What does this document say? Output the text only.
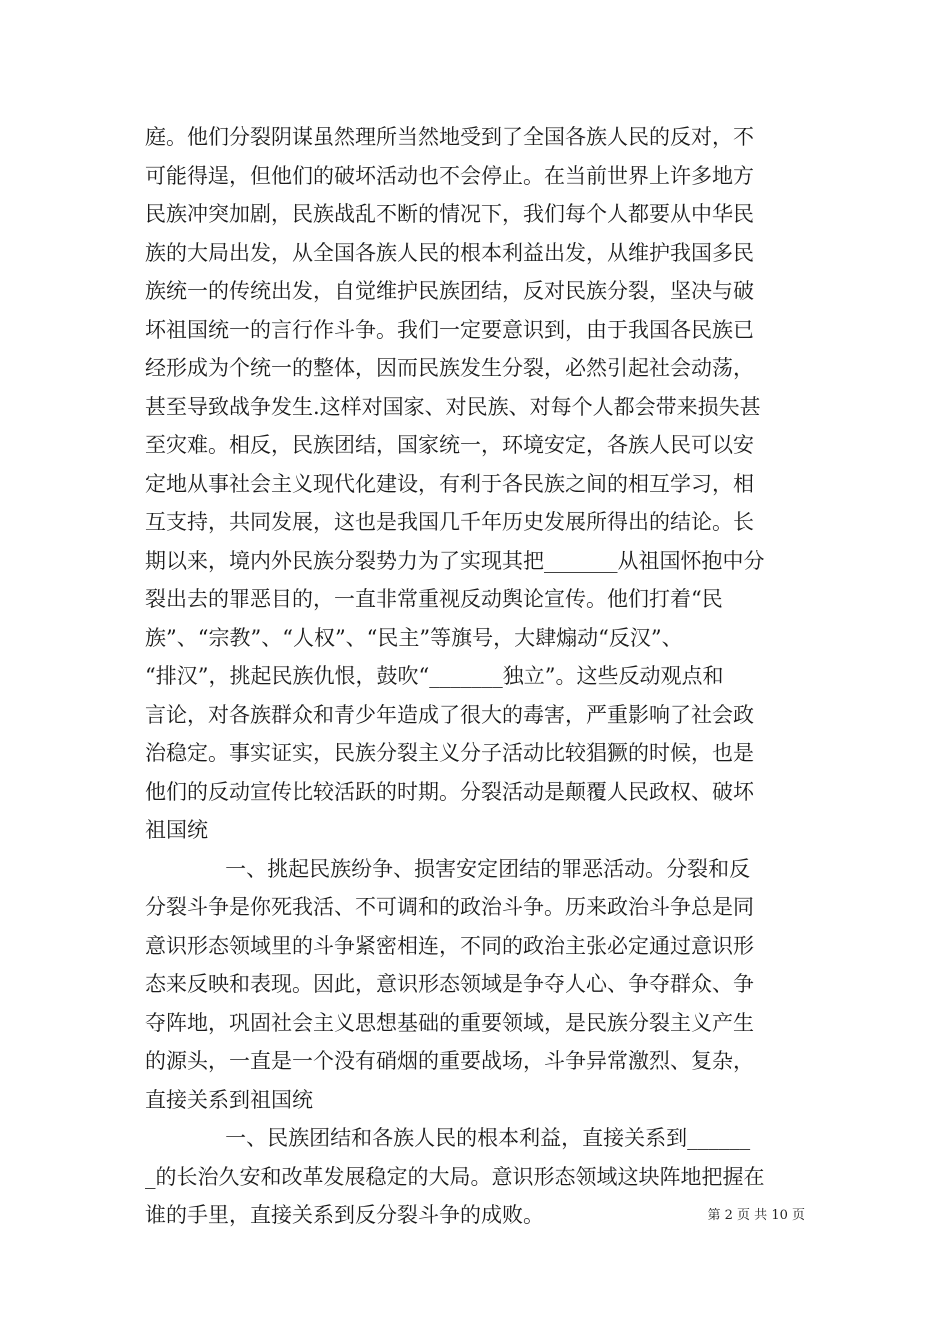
庭。他们分裂阴谋虽然理所当然地受到了全国各族人民的反对，不
可能得逞，但他们的破坏活动也不会停止。在当前世界上许多地方
民族冲突加剧，民族战乱不断的情况下，我们每个人都要从中华民
族的大局出发，从全国各族人民的根本利益出发，从维护我国多民
族统一的传统出发，自觉维护民族团结，反对民族分裂，坚决与破
坏祖国统一的言行作斗争。我们一定要意识到，由于我国各民族已
经形成为个统一的整体，因而民族发生分裂，必然引起社会动荡，
甚至导致战争发生.这样对国家、对民族、对每个人都会带来损失甚
至灾难。相反，民族团结，国家统一，环境安定，各族人民可以安
定地从事社会主义现代化建设，有利于各民族之间的相互学习，相
互支持，共同发展，这也是我国几千年历史发展所得出的结论。长
期以来，境内外民族分裂势力为了实现其把_______从祖国怀抱中分
裂出去的罪恶目的，一直非常重视反动舆论宣传。他们打着“民
族”、“宗教”、“人权”、“民主”等旗号，大肆煽动“反汉”、
“排汉”，挑起民族仇恨，鼓吹“_______独立”。这些反动观点和
言论，对各族群众和青少年造成了很大的毒害，严重影响了社会政
治稳定。事实证实，民族分裂主义分子活动比较猖獗的时候，也是
他们的反动宣传比较活跃的时期。分裂活动是颠覆人民政权、破坏
祖国统
一、挑起民族纷争、损害安定团结的罪恶活动。分裂和反
分裂斗争是你死我活、不可调和的政治斗争。历来政治斗争总是同
意识形态领域里的斗争紧密相连，不同的政治主张必定通过意识形
态来反映和表现。因此，意识形态领域是争夺人心、争夺群众、争
夺阵地，巩固社会主义思想基础的重要领域，是民族分裂主义产生
的源头，一直是一个没有硝烟的重要战场，斗争异常激烈、复杂，
直接关系到祖国统
一、民族团结和各族人民的根本利益，直接关系到______
_的长治久安和改革发展稳定的大局。意识形态领域这块阵地把握在
谁的手里，直接关系到反分裂斗争的成败。	第 2 页 共 10 页
